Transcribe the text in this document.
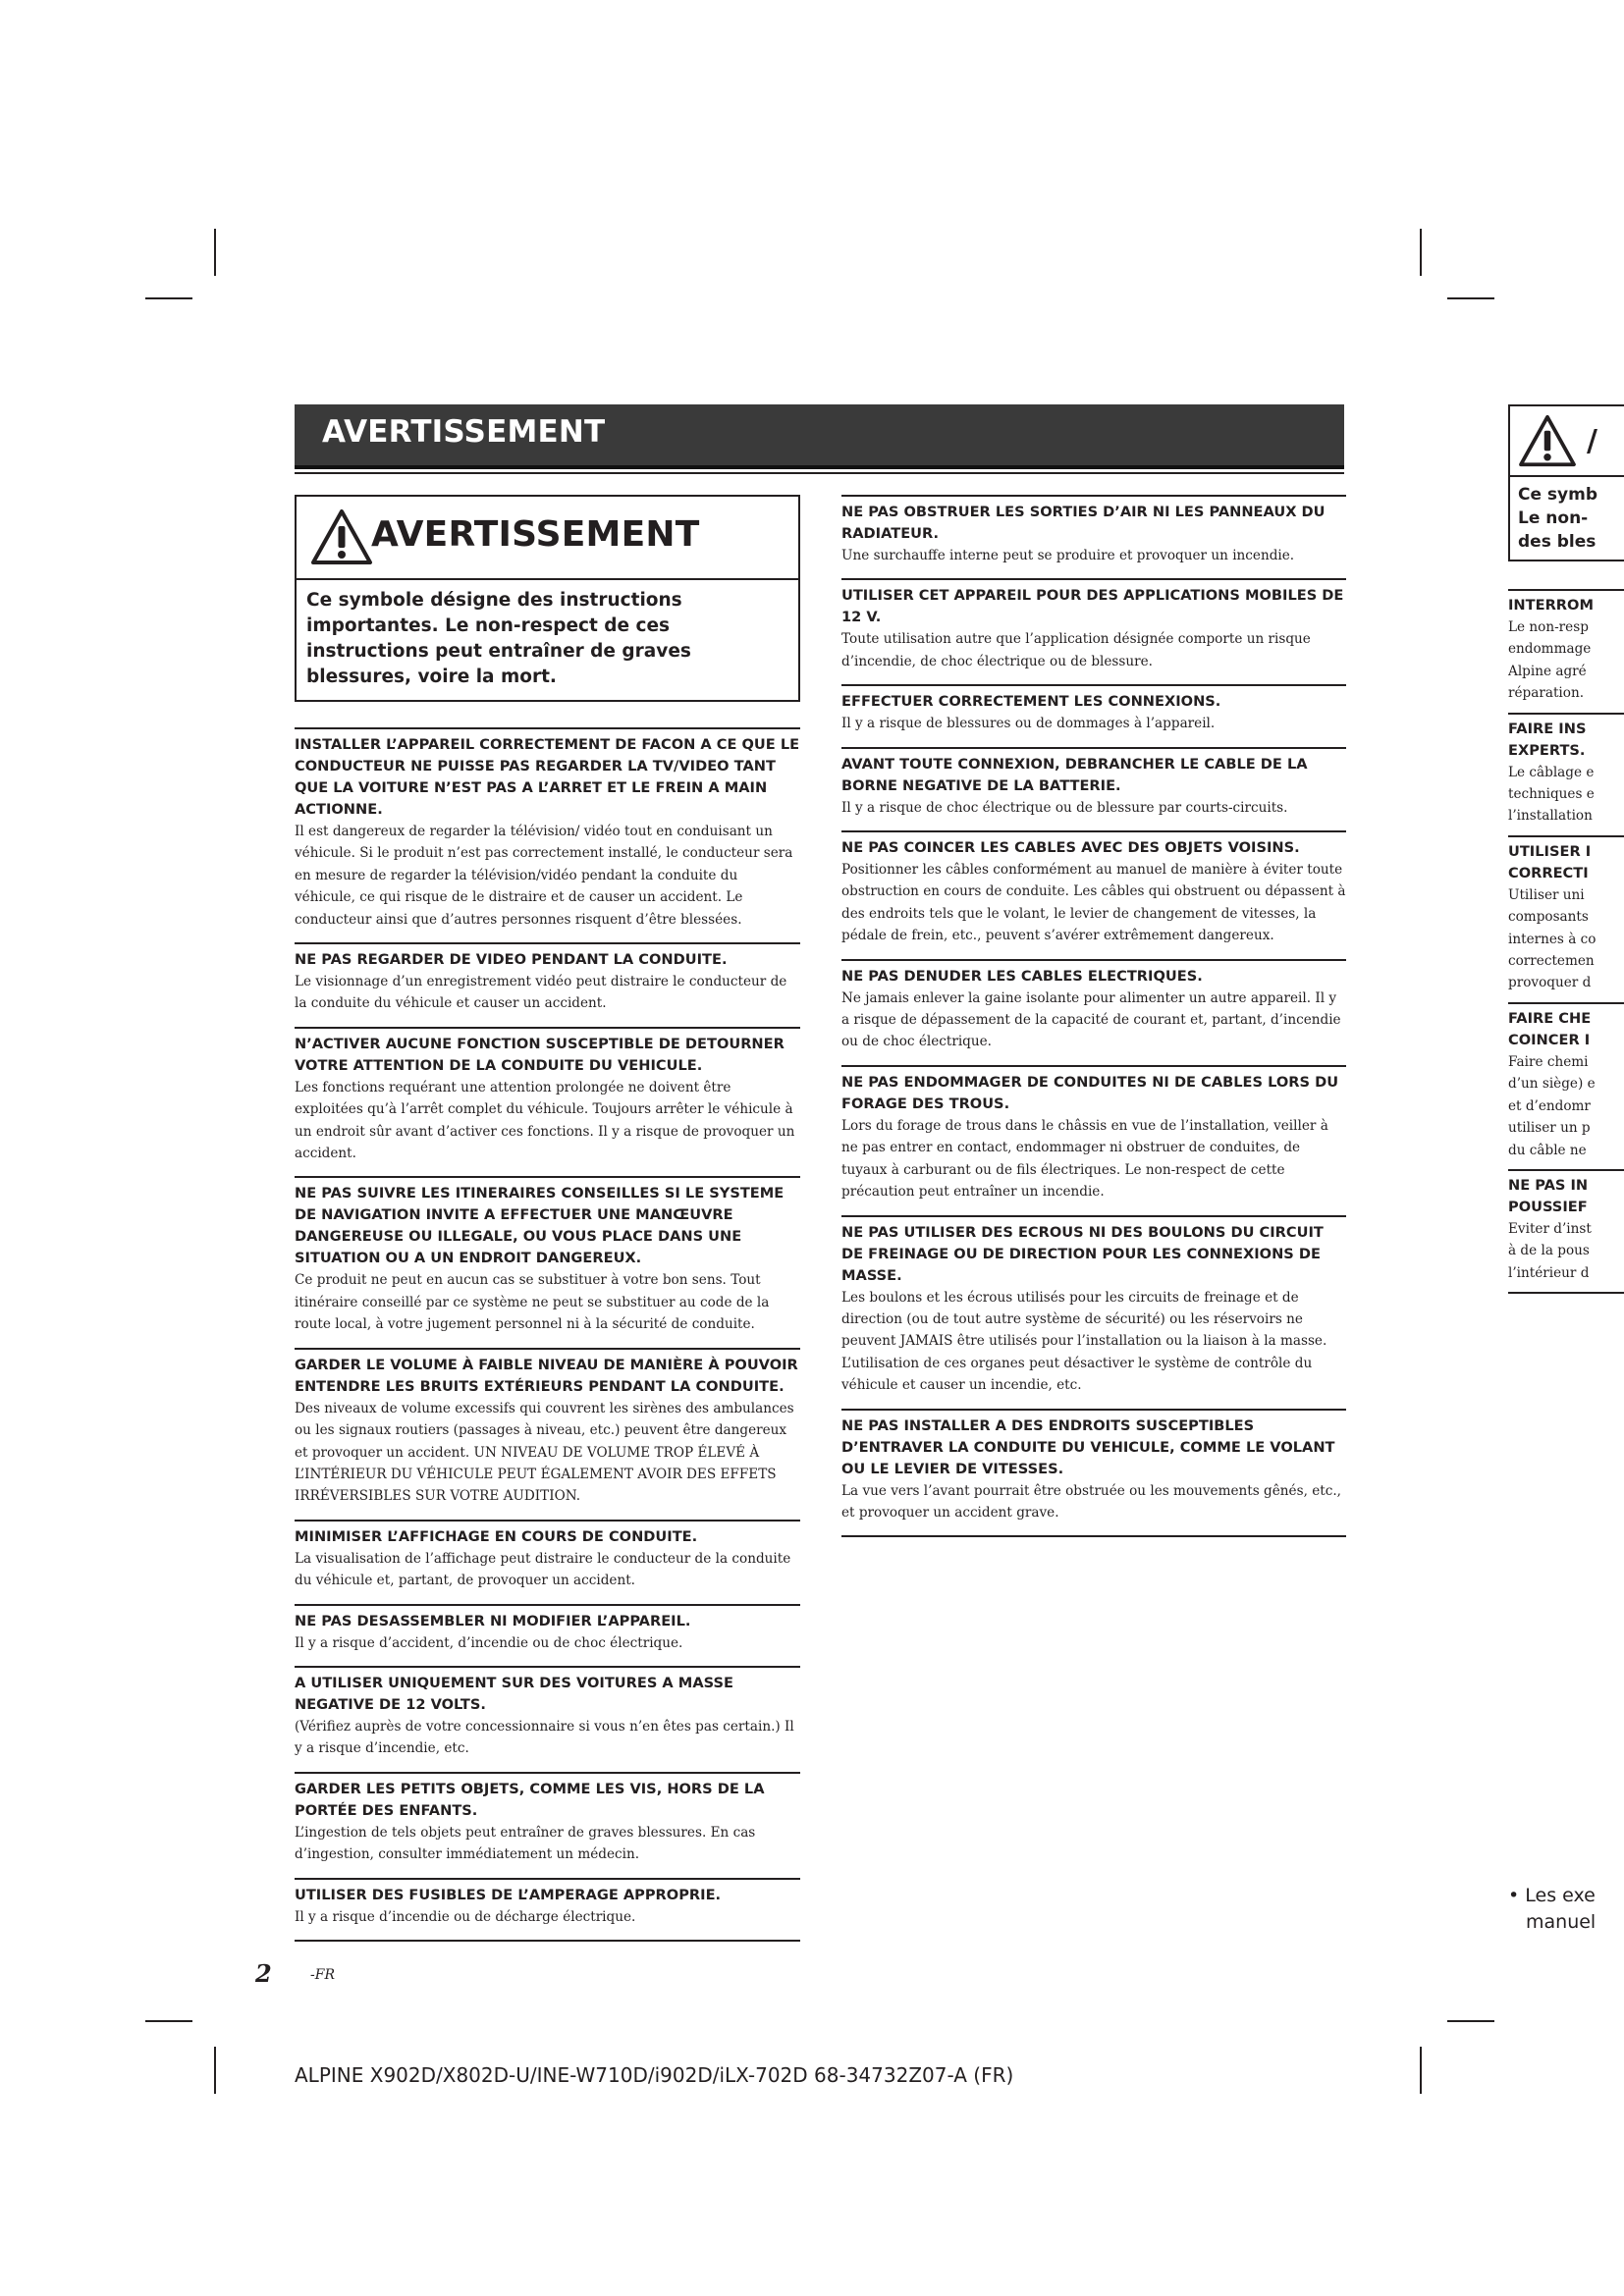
AVERTISSEMENT
AVERTISSEMENT
Ce symbole désigne des instructions importantes. Le non-respect de ces instructions peut entraîner de graves blessures, voire la mort.
INSTALLER L’APPAREIL CORRECTEMENT DE FACON A CE QUE LE CONDUCTEUR NE PUISSE PAS REGARDER LA TV/VIDEO TANT QUE LA VOITURE N’EST PAS A L’ARRET ET LE FREIN A MAIN ACTIONNE.
Il est dangereux de regarder la télévision/ vidéo tout en conduisant un véhicule. Si le produit n’est pas correctement installé, le conducteur sera en mesure de regarder la télévision/vidéo pendant la conduite du véhicule, ce qui risque de le distraire et de causer un accident. Le conducteur ainsi que d’autres personnes risquent d’être blessées.
NE PAS REGARDER DE VIDEO PENDANT LA CONDUITE.
Le visionnage d’un enregistrement vidéo peut distraire le conducteur de la conduite du véhicule et causer un accident.
N’ACTIVER AUCUNE FONCTION SUSCEPTIBLE DE DETOURNER VOTRE ATTENTION DE LA CONDUITE DU VEHICULE.
Les fonctions requérant une attention prolongée ne doivent être exploitées qu’à l’arrêt complet du véhicule. Toujours arrêter le véhicule à un endroit sûr avant d’activer ces fonctions. Il y a risque de provoquer un accident.
NE PAS SUIVRE LES ITINERAIRES CONSEILLES SI LE SYSTEME DE NAVIGATION INVITE A EFFECTUER UNE MANŒUVRE DANGEREUSE OU ILLEGALE, OU VOUS PLACE DANS UNE SITUATION OU A UN ENDROIT DANGEREUX.
Ce produit ne peut en aucun cas se substituer à votre bon sens. Tout itinéraire conseillé par ce système ne peut se substituer au code de la route local, à votre jugement personnel ni à la sécurité de conduite.
GARDER LE VOLUME À FAIBLE NIVEAU DE MANIÈRE À POUVOIR ENTENDRE LES BRUITS EXTÉRIEURS PENDANT LA CONDUITE.
Des niveaux de volume excessifs qui couvrent les sirènes des ambulances ou les signaux routiers (passages à niveau, etc.) peuvent être dangereux et provoquer un accident. UN NIVEAU DE VOLUME TROP ÉLEVÉ À L’INTÉRIEUR DU VÉHICULE PEUT ÉGALEMENT AVOIR DES EFFETS IRRÉVERSIBLES SUR VOTRE AUDITION.
MINIMISER L’AFFICHAGE EN COURS DE CONDUITE.
La visualisation de l’affichage peut distraire le conducteur de la conduite du véhicule et, partant, de provoquer un accident.
NE PAS DESASSEMBLER NI MODIFIER L’APPAREIL.
Il y a risque d’accident, d’incendie ou de choc électrique.
A UTILISER UNIQUEMENT SUR DES VOITURES A MASSE NEGATIVE DE 12 VOLTS.
(Vérifiez auprès de votre concessionnaire si vous n’en êtes pas certain.) Il y a risque d’incendie, etc.
GARDER LES PETITS OBJETS, COMME LES VIS, HORS DE LA PORTÉE DES ENFANTS.
L’ingestion de tels objets peut entraîner de graves blessures. En cas d’ingestion, consulter immédiatement un médecin.
UTILISER DES FUSIBLES DE L’AMPERAGE APPROPRIE.
Il y a risque d’incendie ou de décharge électrique.
NE PAS OBSTRUER LES SORTIES D’AIR NI LES PANNEAUX DU RADIATEUR.
Une surchauffe interne peut se produire et provoquer un incendie.
UTILISER CET APPAREIL POUR DES APPLICATIONS MOBILES DE 12 V.
Toute utilisation autre que l’application désignée comporte un risque d’incendie, de choc électrique ou de blessure.
EFFECTUER CORRECTEMENT LES CONNEXIONS.
Il y a risque de blessures ou de dommages à l’appareil.
AVANT TOUTE CONNEXION, DEBRANCHER LE CABLE DE LA BORNE NEGATIVE DE LA BATTERIE.
Il y a risque de choc électrique ou de blessure par courts-circuits.
NE PAS COINCER LES CABLES AVEC DES OBJETS VOISINS.
Positionner les câbles conformément au manuel de manière à éviter toute obstruction en cours de conduite. Les câbles qui obstruent ou dépassent à des endroits tels que le volant, le levier de changement de vitesses, la pédale de frein, etc., peuvent s’avérer extrêmement dangereux.
NE PAS DENUDER LES CABLES ELECTRIQUES.
Ne jamais enlever la gaine isolante pour alimenter un autre appareil. Il y a risque de dépassement de la capacité de courant et, partant, d’incendie ou de choc électrique.
NE PAS ENDOMMAGER DE CONDUITES NI DE CABLES LORS DU FORAGE DES TROUS.
Lors du forage de trous dans le châssis en vue de l’installation, veiller à ne pas entrer en contact, endommager ni obstruer de conduites, de tuyaux à carburant ou de fils électriques. Le non-respect de cette précaution peut entraîner un incendie.
NE PAS UTILISER DES ECROUS NI DES BOULONS DU CIRCUIT DE FREINAGE OU DE DIRECTION POUR LES CONNEXIONS DE MASSE.
Les boulons et les écrous utilisés pour les circuits de freinage et de direction (ou de tout autre système de sécurité) ou les réservoirs ne peuvent JAMAIS être utilisés pour l’installation ou la liaison à la masse. L’utilisation de ces organes peut désactiver le système de contrôle du véhicule et causer un incendie, etc.
NE PAS INSTALLER A DES ENDROITS SUSCEPTIBLES D’ENTRAVER LA CONDUITE DU VEHICULE, COMME LE VOLANT OU LE LEVIER DE VITESSES.
La vue vers l’avant pourrait être obstruée ou les mouvements gênés, etc., et provoquer un accident grave.
2	-FR
ALPINE X902D/X802D-U/INE-W710D/i902D/iLX-702D 68-34732Z07-A (FR)
/
Ce symb
Le non-
des bles
INTERROM
Le non-resp
endommage
Alpine agré
réparation.
FAIRE INS
EXPERTS.
Le câblage e
techniques e
l’installation
UTILISER I
CORRECTI
Utiliser uni
composants
internes à co
correctemen
provoquer d
FAIRE CHE
COINCER I
Faire chemi
d’un siège) e
et d’endomr
utiliser un p
du câble ne
NE PAS IN
POUSSIEF
Eviter d’inst
à de la pous
l’intérieur d
• Les exe
manuel
